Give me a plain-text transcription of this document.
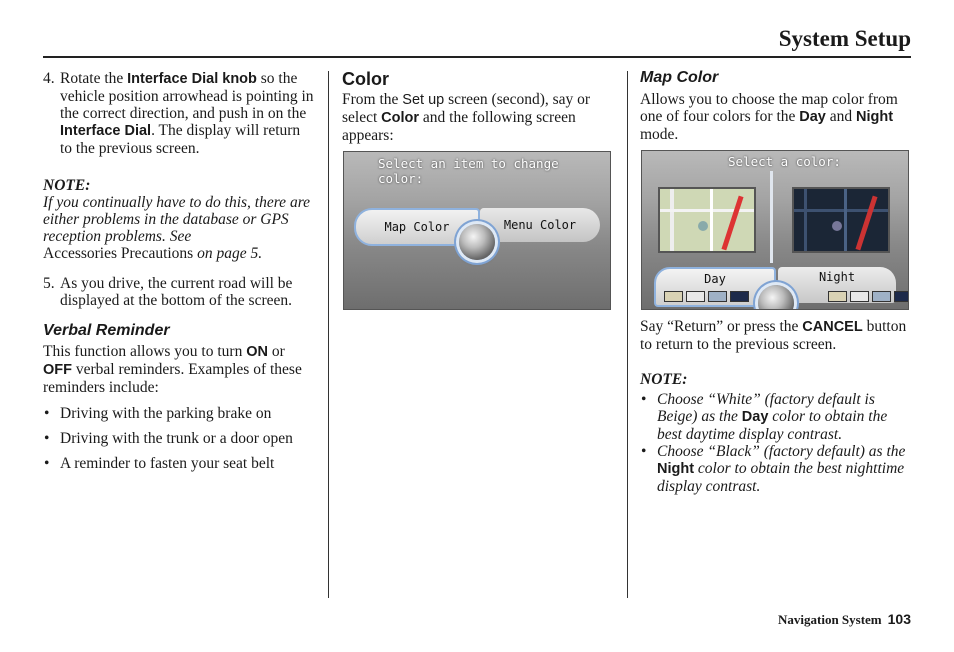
System Setup

4. Rotate the Interface Dial knob so the vehicle position arrowhead is pointing in the correct direction, and push in on the Interface Dial. The display will return to the previous screen.

NOTE:

If you continually have to do this, there are either problems in the database or GPS reception problems. See
Accessories Precautions on page 5.

5. As you drive, the current road will be displayed at the bottom of the screen.

Verbal Reminder

This function allows you to turn ON or OFF verbal reminders. Examples of these reminders include:

• Driving with the parking brake on

• Driving with the trunk or a door open

• A reminder to fasten your seat belt

Color

From the Set up screen (second), say or select Color and the following screen appears:

Select an item to change color:
Map Color	Menu Color

Map Color

Allows you to choose the map color from one of four colors for the Day and Night mode.

Select a color:
Day	Night

Say “Return” or press the CANCEL button to return to the previous screen.

NOTE:

• Choose “White” (factory default is Beige) as the Day color to obtain the best daytime display contrast.

• Choose “Black” (factory default) as the Night color to obtain the best nighttime display contrast.

Navigation System 103
